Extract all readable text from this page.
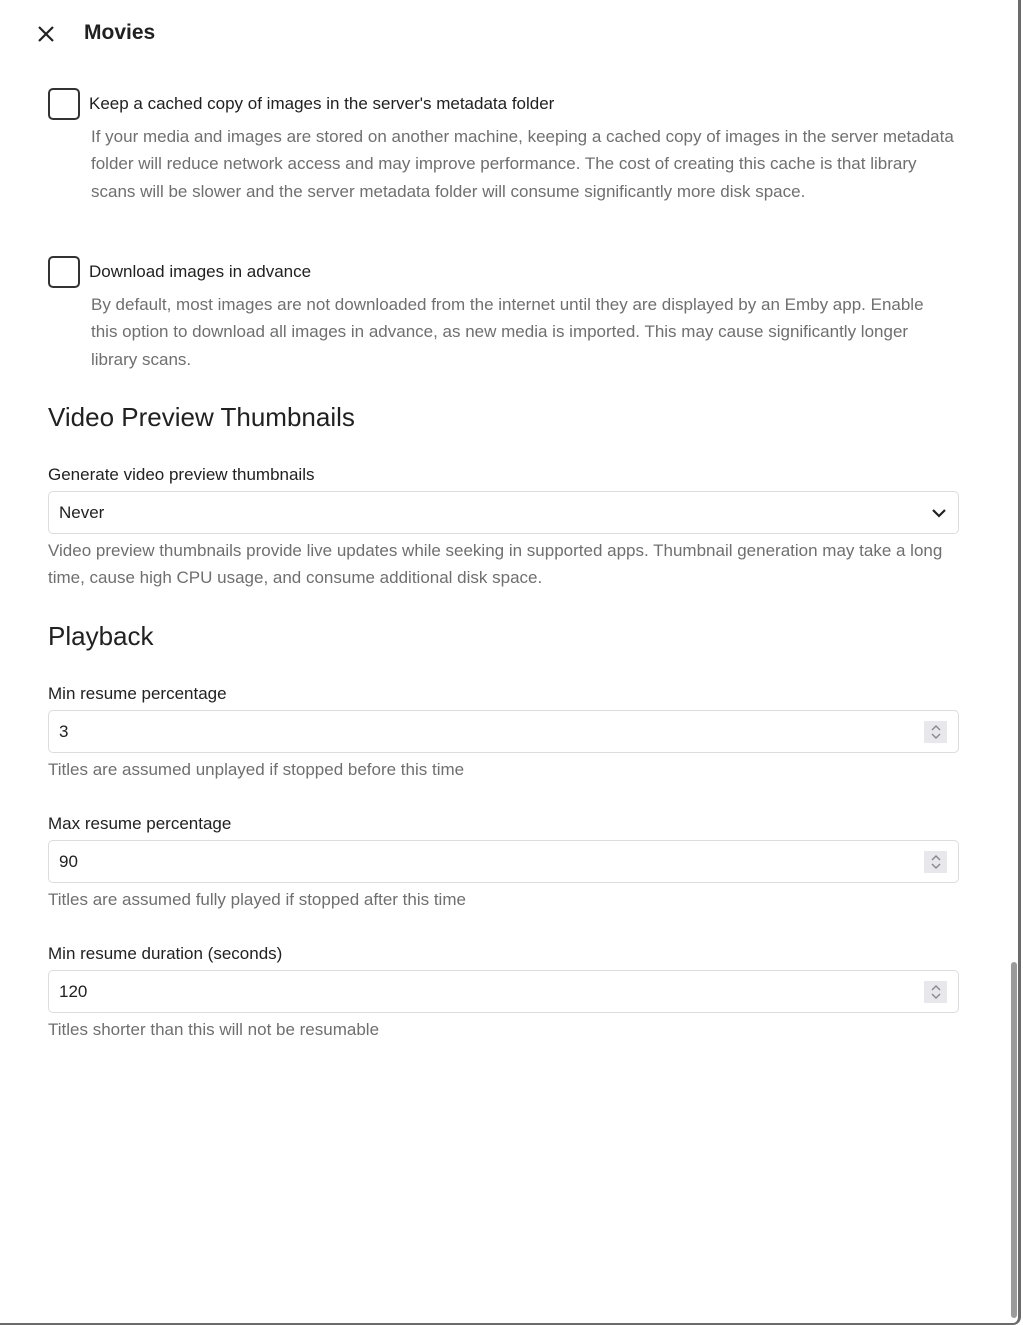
Movies
Keep a cached copy of images in the server's metadata folder
If your media and images are stored on another machine, keeping a cached copy of images in the server metadata folder will reduce network access and may improve performance. The cost of creating this cache is that library scans will be slower and the server metadata folder will consume significantly more disk space.
Download images in advance
By default, most images are not downloaded from the internet until they are displayed by an Emby app. Enable this option to download all images in advance, as new media is imported. This may cause significantly longer library scans.
Video Preview Thumbnails
Generate video preview thumbnails
Never
Video preview thumbnails provide live updates while seeking in supported apps. Thumbnail generation may take a long time, cause high CPU usage, and consume additional disk space.
Playback
Min resume percentage
3
Titles are assumed unplayed if stopped before this time
Max resume percentage
90
Titles are assumed fully played if stopped after this time
Min resume duration (seconds)
120
Titles shorter than this will not be resumable
